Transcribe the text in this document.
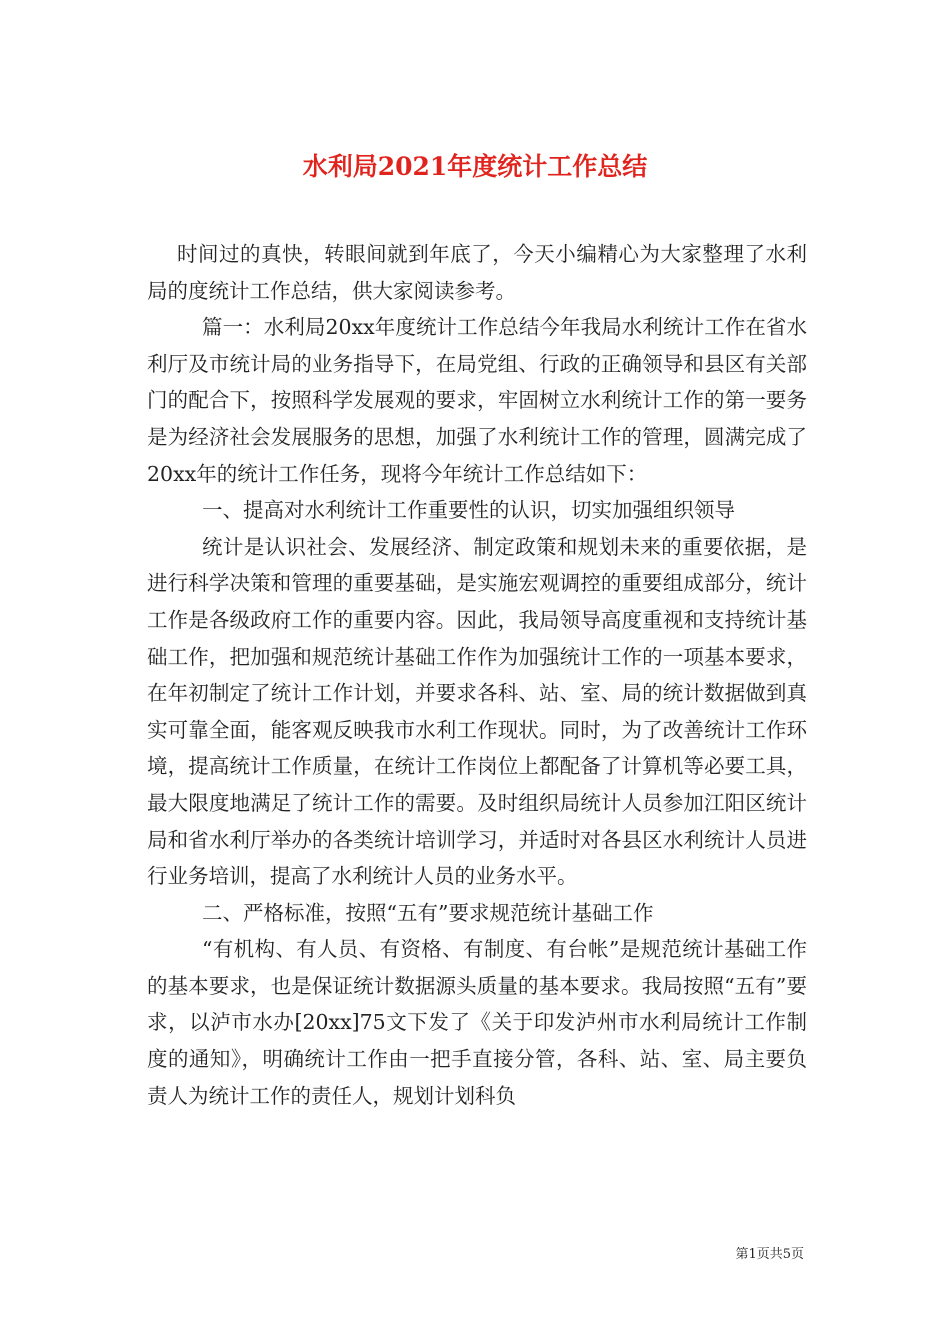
水利局2021年度统计工作总结

时间过的真快，转眼间就到年底了，今天小编精心为大家整理了水利局的度统计工作总结，供大家阅读参考。

篇一：水利局20xx年度统计工作总结今年我局水利统计工作在省水利厅及市统计局的业务指导下，在局党组、行政的正确领导和县区有关部门的配合下，按照科学发展观的要求，牢固树立水利统计工作的第一要务是为经济社会发展服务的思想，加强了水利统计工作的管理，圆满完成了20xx年的统计工作任务，现将今年统计工作总结如下：

一、提高对水利统计工作重要性的认识，切实加强组织领导

统计是认识社会、发展经济、制定政策和规划未来的重要依据，是进行科学决策和管理的重要基础，是实施宏观调控的重要组成部分，统计工作是各级政府工作的重要内容。因此，我局领导高度重视和支持统计基础工作，把加强和规范统计基础工作作为加强统计工作的一项基本要求，在年初制定了统计工作计划，并要求各科、站、室、局的统计数据做到真实可靠全面，能客观反映我市水利工作现状。同时，为了改善统计工作环境，提高统计工作质量，在统计工作岗位上都配备了计算机等必要工具，最大限度地满足了统计工作的需要。及时组织局统计人员参加江阳区统计局和省水利厅举办的各类统计培训学习，并适时对各县区水利统计人员进行业务培训，提高了水利统计人员的业务水平。

二、严格标准，按照“五有”要求规范统计基础工作

“有机构、有人员、有资格、有制度、有台帐”是规范统计基础工作的基本要求，也是保证统计数据源头质量的基本要求。我局按照“五有”要求，以泸市水办[20xx]75文下发了《关于印发泸州市水利局统计工作制度的通知》，明确统计工作由一把手直接分管，各科、站、室、局主要负责人为统计工作的责任人，规划计划科负

第1页共5页
